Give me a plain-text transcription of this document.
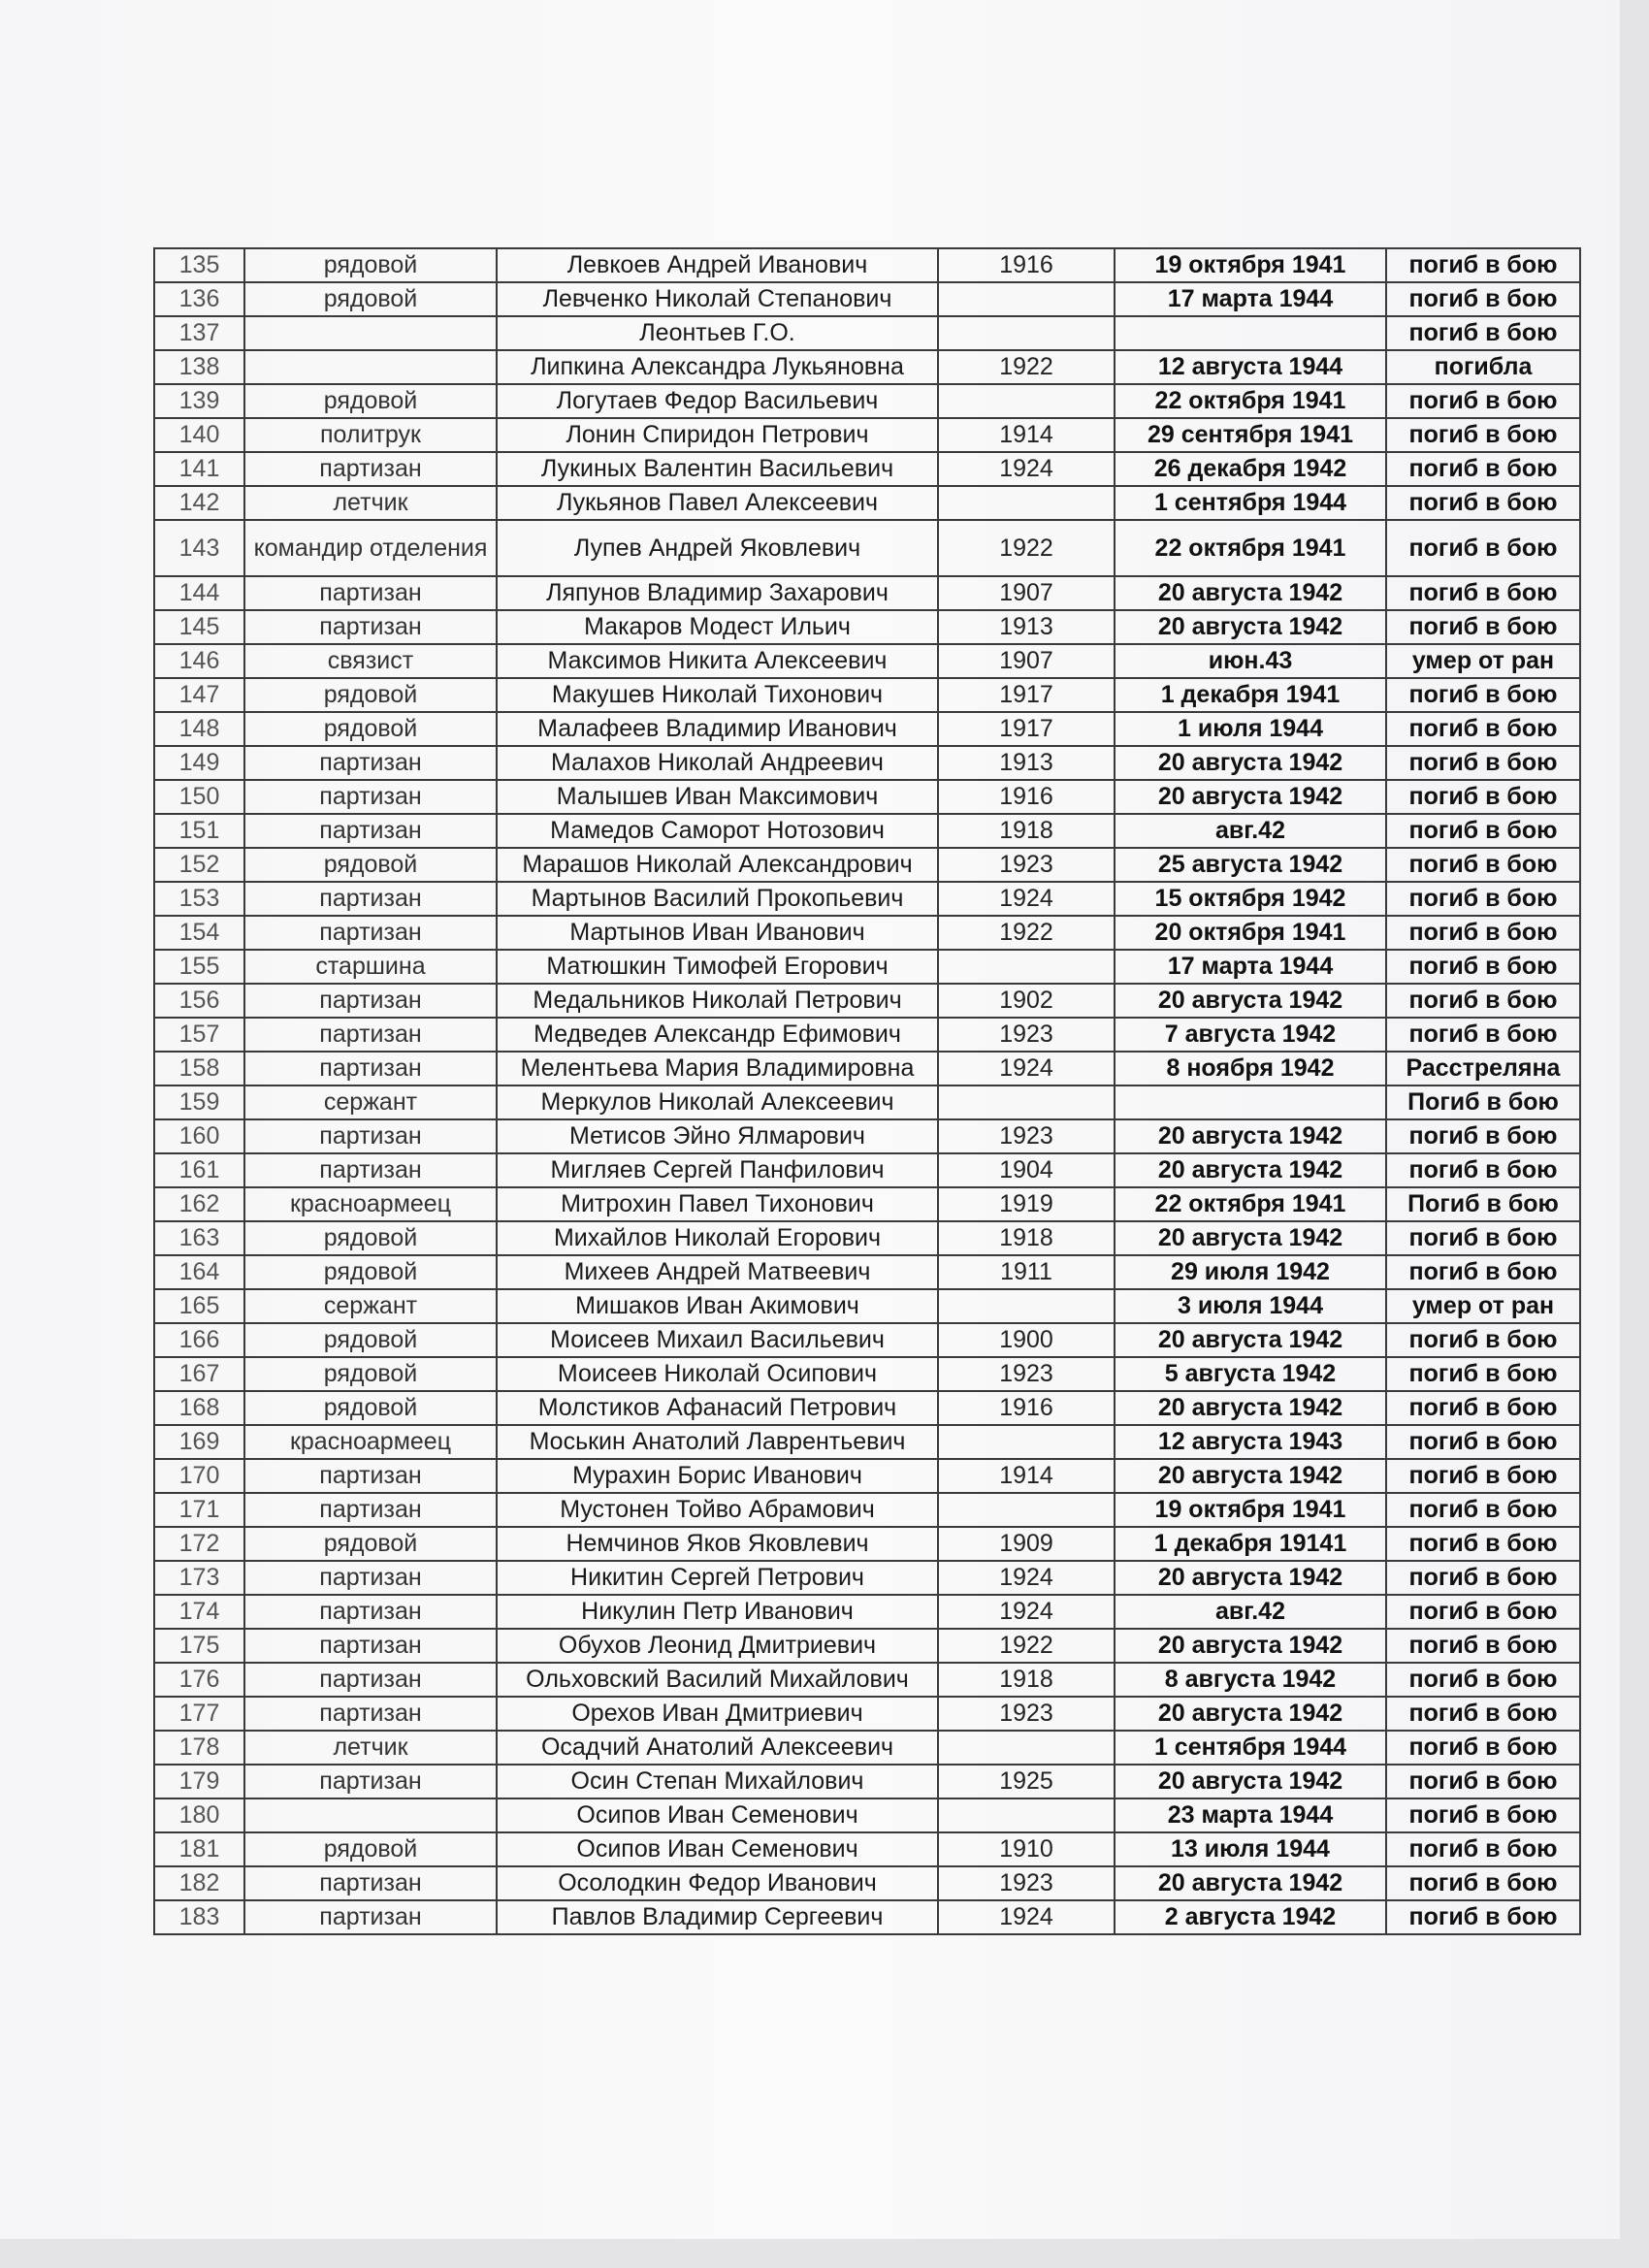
135	рядовой	Левкоев Андрей Иванович	1916	19 октября 1941	погиб в бою
136	рядовой	Левченко Николай Степанович		17 марта 1944	погиб в бою
137		Леонтьев Г.О.			погиб в бою
138		Липкина Александра Лукьяновна	1922	12 августа 1944	погибла
139	рядовой	Логутаев Федор Васильевич		22 октября 1941	погиб в бою
140	политрук	Лонин Спиридон Петрович	1914	29 сентября 1941	погиб в бою
141	партизан	Лукиных Валентин Васильевич	1924	26 декабря 1942	погиб в бою
142	летчик	Лукьянов Павел Алексеевич		1 сентября 1944	погиб в бою
143	командир отделения	Лупев Андрей Яковлевич	1922	22 октября 1941	погиб в бою
144	партизан	Ляпунов Владимир Захарович	1907	20 августа 1942	погиб в бою
145	партизан	Макаров Модест Ильич	1913	20 августа 1942	погиб в бою
146	связист	Максимов Никита Алексеевич	1907	июн.43	умер от ран
147	рядовой	Макушев Николай Тихонович	1917	1 декабря 1941	погиб в бою
148	рядовой	Малафеев Владимир Иванович	1917	1 июля 1944	погиб в бою
149	партизан	Малахов Николай Андреевич	1913	20 августа 1942	погиб в бою
150	партизан	Малышев Иван Максимович	1916	20 августа 1942	погиб в бою
151	партизан	Мамедов Саморот Нотозович	1918	авг.42	погиб в бою
152	рядовой	Марашов Николай Александрович	1923	25 августа 1942	погиб в бою
153	партизан	Мартынов Василий Прокопьевич	1924	15 октября 1942	погиб в бою
154	партизан	Мартынов Иван Иванович	1922	20 октября 1941	погиб в бою
155	старшина	Матюшкин Тимофей Егорович		17 марта 1944	погиб в бою
156	партизан	Медальников Николай Петрович	1902	20 августа 1942	погиб в бою
157	партизан	Медведев Александр Ефимович	1923	7 августа 1942	погиб в бою
158	партизан	Мелентьева Мария Владимировна	1924	8 ноября 1942	Расстреляна
159	сержант	Меркулов Николай Алексеевич			Погиб в бою
160	партизан	Метисов Эйно Ялмарович	1923	20 августа 1942	погиб в бою
161	партизан	Мигляев Сергей Панфилович	1904	20 августа 1942	погиб в бою
162	красноармеец	Митрохин Павел Тихонович	1919	22 октября 1941	Погиб в бою
163	рядовой	Михайлов Николай Егорович	1918	20 августа 1942	погиб в бою
164	рядовой	Михеев Андрей Матвеевич	1911	29 июля 1942	погиб в бою
165	сержант	Мишаков Иван Акимович		3 июля 1944	умер от ран
166	рядовой	Моисеев Михаил Васильевич	1900	20 августа 1942	погиб в бою
167	рядовой	Моисеев Николай Осипович	1923	5 августа 1942	погиб в бою
168	рядовой	Молстиков Афанасий Петрович	1916	20 августа 1942	погиб в бою
169	красноармеец	Моськин Анатолий Лаврентьевич		12 августа 1943	погиб в бою
170	партизан	Мурахин Борис Иванович	1914	20 августа 1942	погиб в бою
171	партизан	Мустонен Тойво Абрамович		19 октября 1941	погиб в бою
172	рядовой	Немчинов Яков Яковлевич	1909	1 декабря 19141	погиб в бою
173	партизан	Никитин Сергей Петрович	1924	20 августа 1942	погиб в бою
174	партизан	Никулин Петр Иванович	1924	авг.42	погиб в бою
175	партизан	Обухов Леонид Дмитриевич	1922	20 августа 1942	погиб в бою
176	партизан	Ольховский Василий Михайлович	1918	8 августа 1942	погиб в бою
177	партизан	Орехов Иван Дмитриевич	1923	20 августа 1942	погиб в бою
178	летчик	Осадчий Анатолий Алексеевич		1 сентября 1944	погиб в бою
179	партизан	Осин Степан Михайлович	1925	20 августа 1942	погиб в бою
180		Осипов Иван Семенович		23 марта 1944	погиб в бою
181	рядовой	Осипов Иван Семенович	1910	13 июля 1944	погиб в бою
182	партизан	Осолодкин Федор Иванович	1923	20 августа 1942	погиб в бою
183	партизан	Павлов Владимир Сергеевич	1924	2 августа 1942	погиб в бою
